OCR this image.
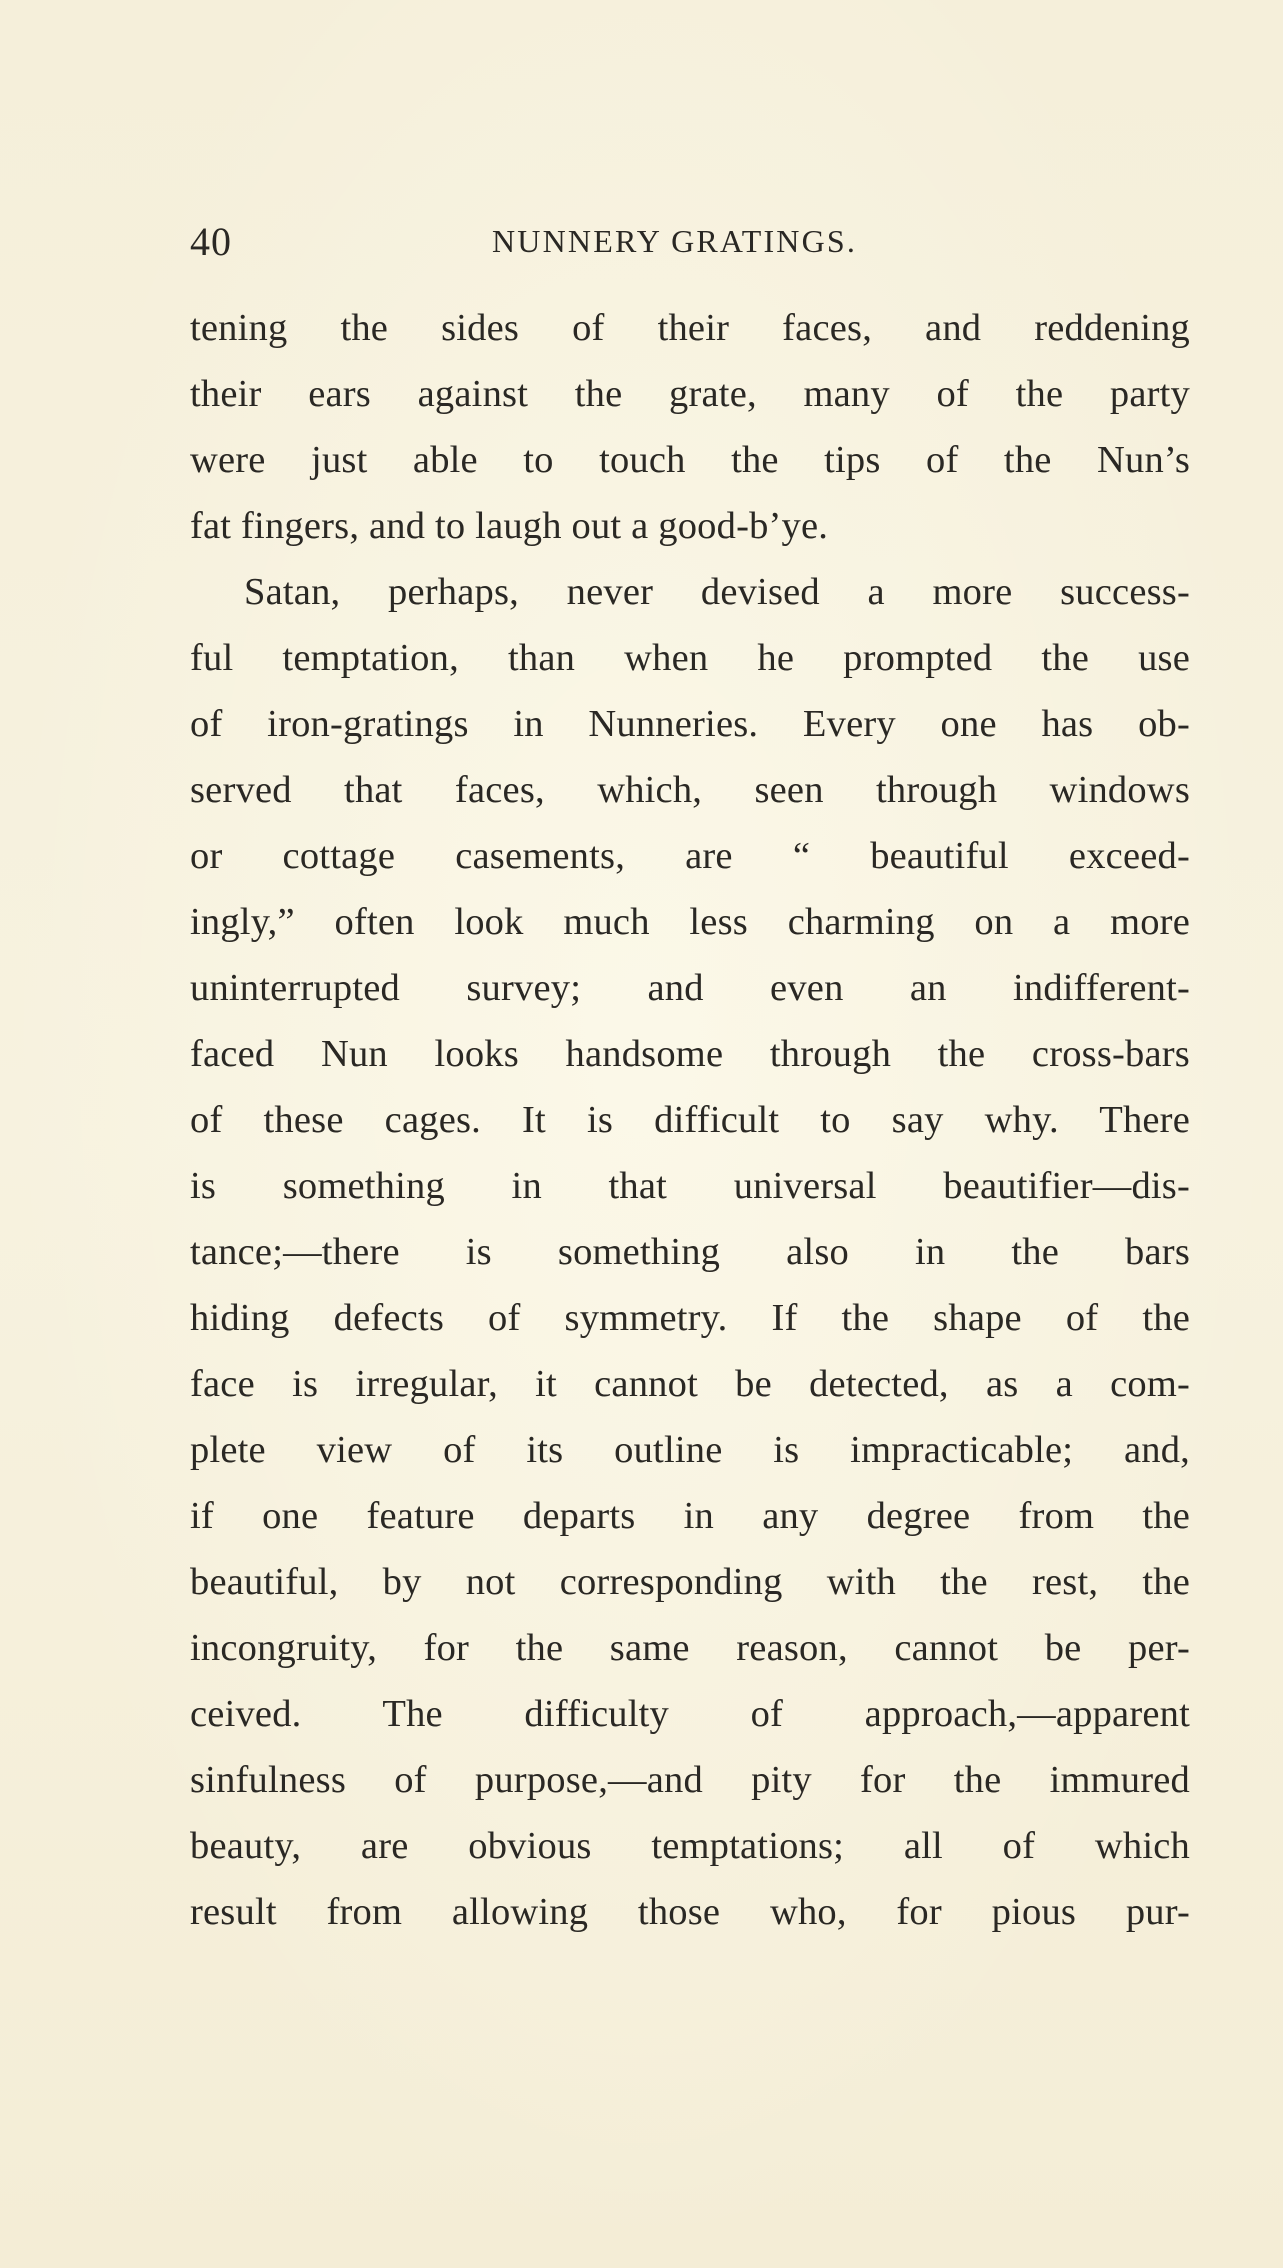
40	NUNNERY GRATINGS.
tening the sides of their faces, and reddening
their ears against the grate, many of the party
were just able to touch the tips of the Nun’s
fat fingers, and to laugh out a good-b’ye.
Satan, perhaps, never devised a more success-
ful temptation, than when he prompted the use
of iron-gratings in Nunneries. Every one has ob-
served that faces, which, seen through windows
or cottage casements, are “ beautiful exceed-
ingly,” often look much less charming on a more
uninterrupted survey; and even an indifferent-
faced Nun looks handsome through the cross-bars
of these cages. It is difficult to say why. There
is something in that universal beautifier—dis-
tance;—there is something also in the bars
hiding defects of symmetry. If the shape of the
face is irregular, it cannot be detected, as a com-
plete view of its outline is impracticable; and,
if one feature departs in any degree from the
beautiful, by not corresponding with the rest, the
incongruity, for the same reason, cannot be per-
ceived. The difficulty of approach,—apparent
sinfulness of purpose,—and pity for the immured
beauty, are obvious temptations; all of which
result from allowing those who, for pious pur-
